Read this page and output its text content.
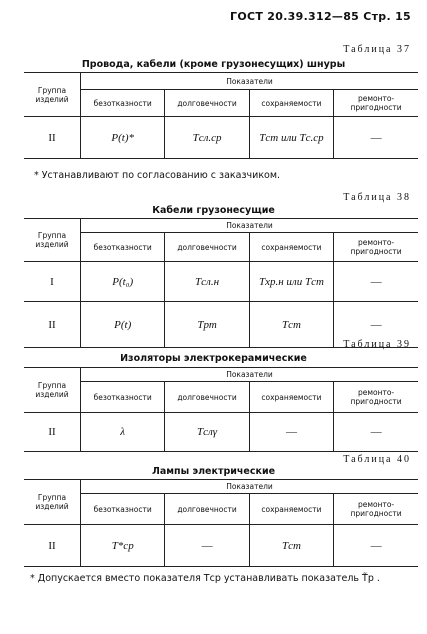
ГОСТ 20.39.312—85 Стр. 15
Таблица 37
Провода, кабели (кроме грузонесущих) шнуры
Группа изделий	Показатели			
	безотказности	долговечности	сохраняемости	ремонто-пригодности
II	P(t)*	Tсл.ср	Tст или Tс.ср	—
* Устанавливают по согласованию с заказчиком.
Таблица 38
Кабели грузонесущие
Группа изделий	Показатели			
	безотказности	долговечности	сохраняемости	ремонто-пригодности
I	P(t₀)	Tсл.н	Tхр.н или Tст	—
II	P(t)	Tрт	Tст	—
Таблица 39
Изоляторы электрокерамические
Группа изделий	Показатели			
	безотказности	долговечности	сохраняемости	ремонто-пригодности
II	λ	Tслγ	—	—
Таблица 40
Лампы электрические
Группа изделий	Показатели			
	безотказности	долговечности	сохраняемости	ремонто-пригодности
II	T*ср	—	Tст	—
* Допускается вместо показателя Tср устанавливать показатель T̃р .
